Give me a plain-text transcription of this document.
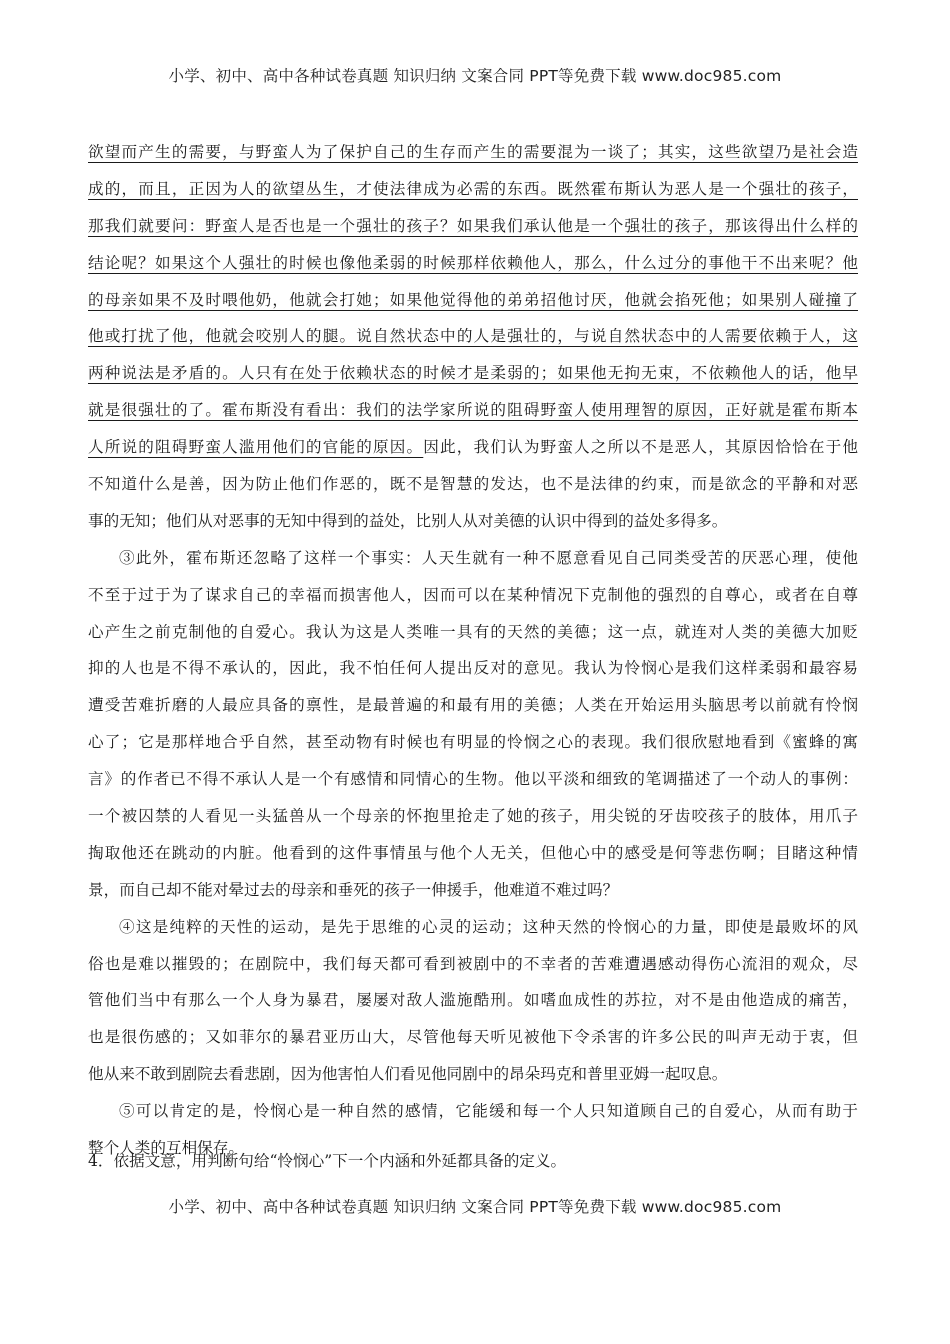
小学、初中、高中各种试卷真题 知识归纳 文案合同 PPT等免费下载 www.doc985.com
欲望而产生的需要，与野蛮人为了保护自己的生存而产生的需要混为一谈了；其实，这些欲望乃是社会造
成的，而且，正因为人的欲望丛生，才使法律成为必需的东西。既然霍布斯认为恶人是一个强壮的孩子，
那我们就要问：野蛮人是否也是一个强壮的孩子？如果我们承认他是一个强壮的孩子，那该得出什么样的
结论呢？如果这个人强壮的时候也像他柔弱的时候那样依赖他人，那么，什么过分的事他干不出来呢？他
的母亲如果不及时喂他奶，他就会打她；如果他觉得他的弟弟招他讨厌，他就会掐死他；如果别人碰撞了
他或打扰了他，他就会咬别人的腿。说自然状态中的人是强壮的，与说自然状态中的人需要依赖于人，这
两种说法是矛盾的。人只有在处于依赖状态的时候才是柔弱的；如果他无拘无束，不依赖他人的话，他早
就是很强壮的了。霍布斯没有看出：我们的法学家所说的阻碍野蛮人使用理智的原因，正好就是霍布斯本
人所说的阻碍野蛮人滥用他们的官能的原因。因此，我们认为野蛮人之所以不是恶人，其原因恰恰在于他
不知道什么是善，因为防止他们作恶的，既不是智慧的发达，也不是法律的约束，而是欲念的平静和对恶
事的无知；他们从对恶事的无知中得到的益处，比别人从对美德的认识中得到的益处多得多。
③此外，霍布斯还忽略了这样一个事实：人天生就有一种不愿意看见自己同类受苦的厌恶心理，使他
不至于过于为了谋求自己的幸福而损害他人，因而可以在某种情况下克制他的强烈的自尊心，或者在自尊
心产生之前克制他的自爱心。我认为这是人类唯一具有的天然的美德；这一点，就连对人类的美德大加贬
抑的人也是不得不承认的，因此，我不怕任何人提出反对的意见。我认为怜悯心是我们这样柔弱和最容易
遭受苦难折磨的人最应具备的禀性，是最普遍的和最有用的美德；人类在开始运用头脑思考以前就有怜悯
心了；它是那样地合乎自然，甚至动物有时候也有明显的怜悯之心的表现。我们很欣慰地看到《蜜蜂的寓
言》的作者已不得不承认人是一个有感情和同情心的生物。他以平淡和细致的笔调描述了一个动人的事例：
一个被囚禁的人看见一头猛兽从一个母亲的怀抱里抢走了她的孩子，用尖锐的牙齿咬孩子的肢体，用爪子
掏取他还在跳动的内脏。他看到的这件事情虽与他个人无关，但他心中的感受是何等悲伤啊；目睹这种情
景，而自己却不能对晕过去的母亲和垂死的孩子一伸援手，他难道不难过吗？
④这是纯粹的天性的运动，是先于思维的心灵的运动；这种天然的怜悯心的力量，即使是最败坏的风
俗也是难以摧毁的；在剧院中，我们每天都可看到被剧中的不幸者的苦难遭遇感动得伤心流泪的观众，尽
管他们当中有那么一个人身为暴君，屡屡对敌人滥施酷刑。如嗜血成性的苏拉，对不是由他造成的痛苦，
也是很伤感的；又如菲尔的暴君亚历山大，尽管他每天听见被他下令杀害的许多公民的叫声无动于衷，但
他从来不敢到剧院去看悲剧，因为他害怕人们看见他同剧中的昂朵玛克和普里亚姆一起叹息。
⑤可以肯定的是，怜悯心是一种自然的感情，它能缓和每一个人只知道顾自己的自爱心，从而有助于
整个人类的互相保存。
4．依据文意，用判断句给“怜悯心”下一个内涵和外延都具备的定义。
小学、初中、高中各种试卷真题 知识归纳 文案合同 PPT等免费下载 www.doc985.com
